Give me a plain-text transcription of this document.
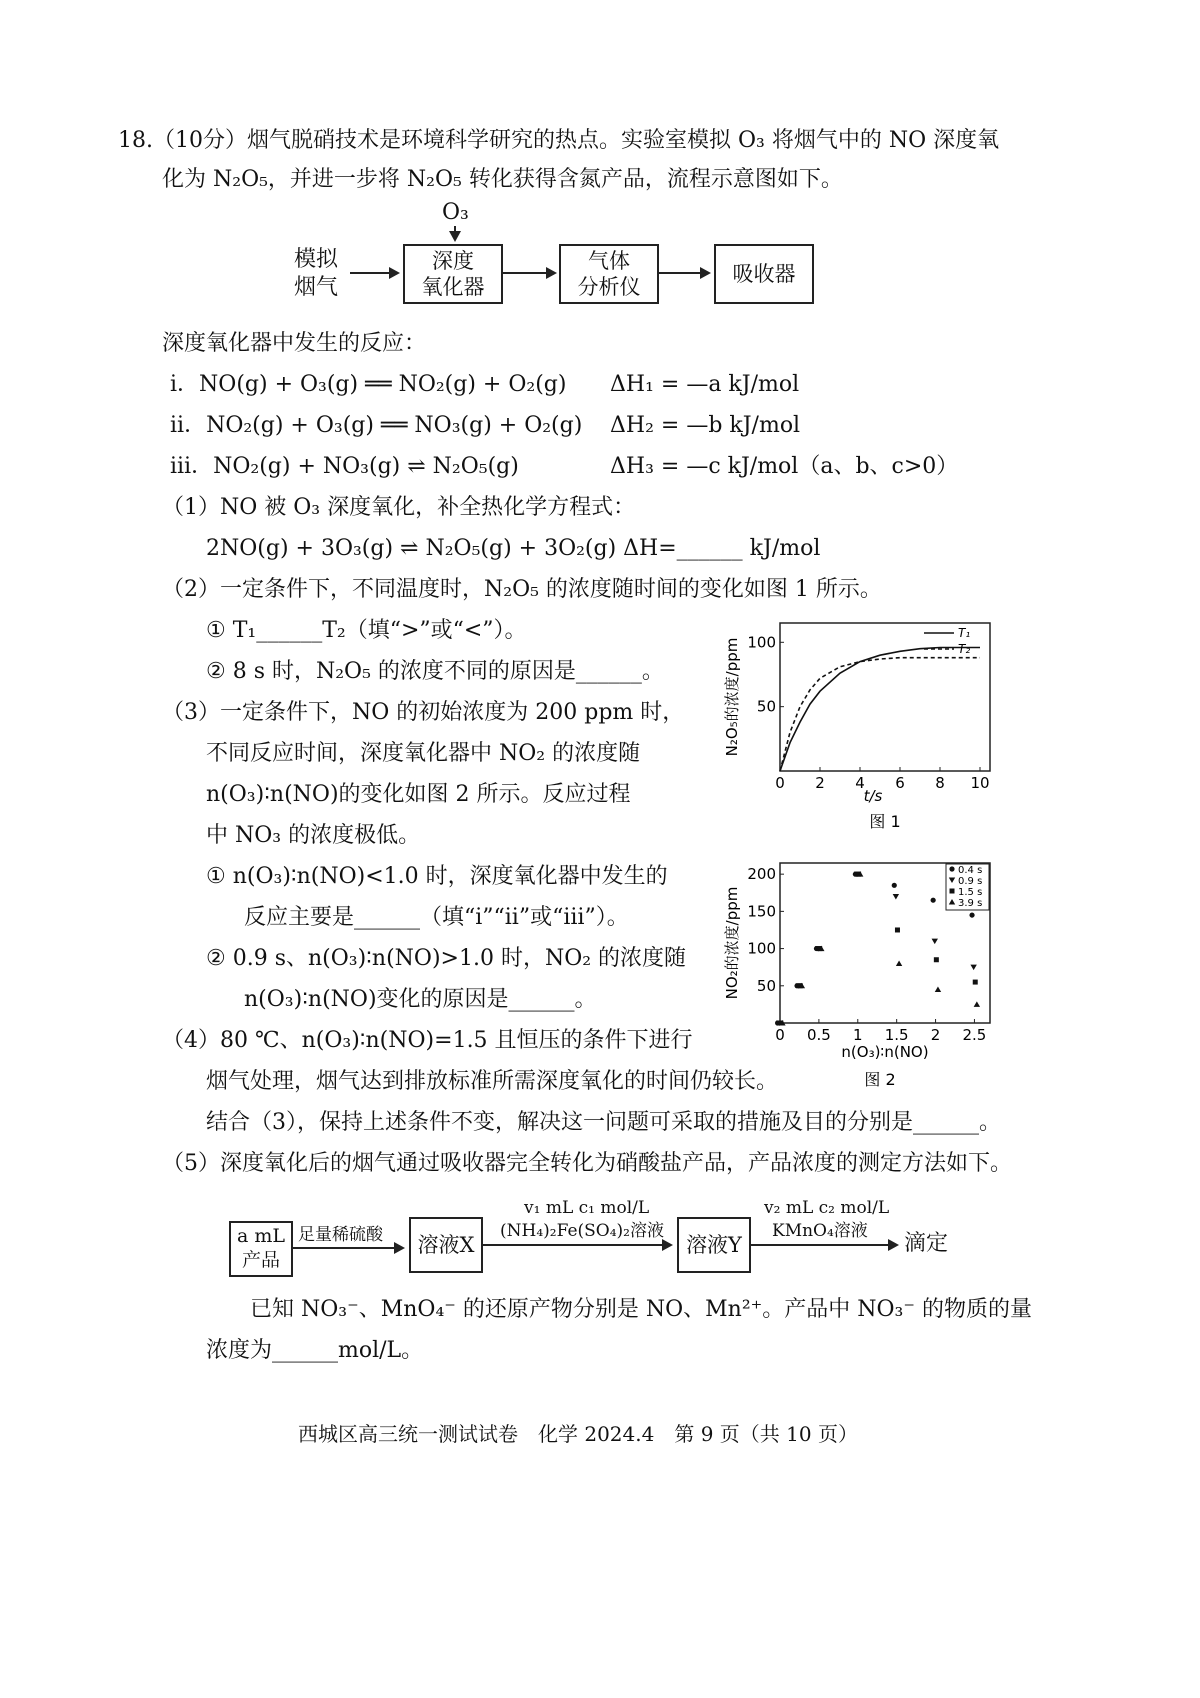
18.（10分）烟气脱硝技术是环境科学研究的热点。实验室模拟 O₃ 将烟气中的 NO 深度氧
化为 N₂O₅，并进一步将 N₂O₅ 转化获得含氮产品，流程示意图如下。
模拟
烟气
O₃
深度
氧化器
气体
分析仪
吸收器
深度氧化器中发生的反应：
ⅰ．NO(g) + O₃(g) ══ NO₂(g) + O₂(g) ΔH₁ = —a kJ/mol
ⅱ．NO₂(g) + O₃(g) ══ NO₃(g) + O₂(g) ΔH₂ = —b kJ/mol
ⅲ．NO₂(g) + NO₃(g) ⇌ N₂O₅(g)	ΔH₃ = —c kJ/mol（a、b、c>0）
（1）NO 被 O₃ 深度氧化，补全热化学方程式：
2NO(g) + 3O₃(g) ⇌ N₂O₅(g) + 3O₂(g) ΔH=______ kJ/mol
（2）一定条件下，不同温度时，N₂O₅ 的浓度随时间的变化如图 1 所示。
① T₁______T₂（填“>”或“<”）。
② 8 s 时，N₂O₅ 的浓度不同的原因是______。
（3）一定条件下，NO 的初始浓度为 200 ppm 时，
不同反应时间，深度氧化器中 NO₂ 的浓度随
n(O₃)∶n(NO)的变化如图 2 所示。反应过程
中 NO₃ 的浓度极低。
① n(O₃)∶n(NO)<1.0 时，深度氧化器中发生的
反应主要是______（填“ⅰ”“ⅱ”或“ⅲ”）。
② 0.9 s、n(O₃)∶n(NO)>1.0 时，NO₂ 的浓度随
n(O₃)∶n(NO)变化的原因是______。
（4）80 ℃、n(O₃)∶n(NO)=1.5 且恒压的条件下进行
烟气处理，烟气达到排放标准所需深度氧化的时间仍较长。
结合（3），保持上述条件不变，解决这一问题可采取的措施及目的分别是______。
（5）深度氧化后的烟气通过吸收器完全转化为硝酸盐产品，产品浓度的测定方法如下。
a mL
产品
足量稀硫酸	溶液X
v₁ mL c₁ mol/L
(NH₄)₂Fe(SO₄)₂溶液
溶液Y
v₂ mL c₂ mol/L
KMnO₄溶液 滴定
已知 NO₃⁻、MnO₄⁻ 的还原产物分别是 NO、Mn²⁺。产品中 NO₃⁻ 的物质的量
浓度为______mol/L。
西城区高三统一测试试卷　化学 2024.4　第 9 页（共 10 页）
0 2 4 6 8 10
50
100
t/s
N₂O₅的浓度/ppm
图 1
T₁
T₂
0 0.5 1 1.5 2 2.5
50
100
150
200
n(O₃)∶n(NO)
NO₂的浓度/ppm
图 2
0.4 s
0.9 s
1.5 s
3.9 s
